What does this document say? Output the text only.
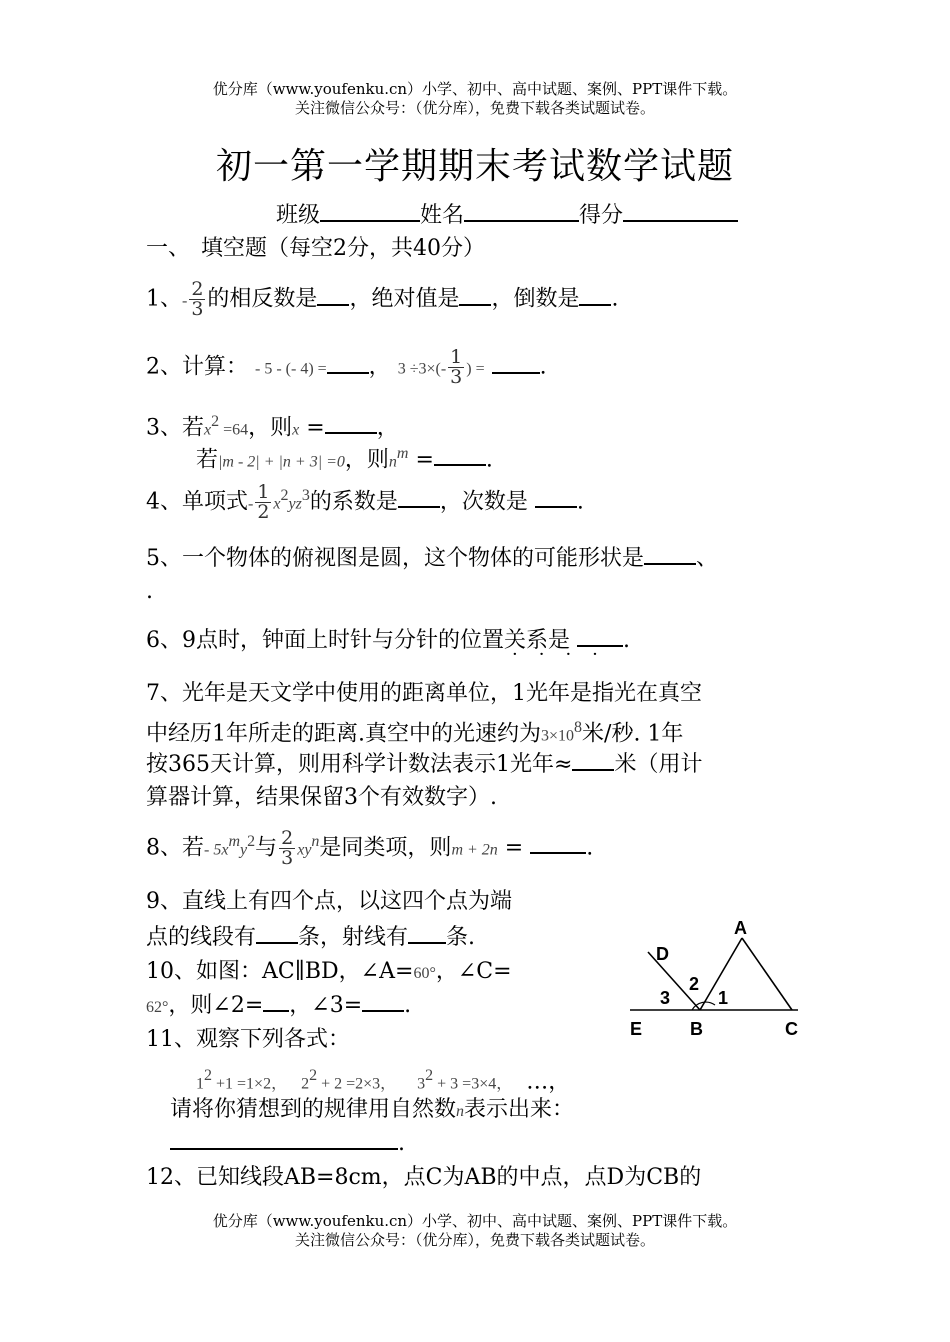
优分库（www.youfenku.cn）小学、初中、高中试题、案例、PPT课件下载。
关注微信公众号：（优分库），免费下载各类试题试卷。
初一第一学期期末考试数学试题
班级	姓名	得分
一、　填空题（每空2分，共40分）
1、- $\frac{2}{3}$ 的相反数是 ，绝对值是 ，倒数是 .
2、计算： - 5 - (- 4) = ， $3 \div 3\times(- \frac{1}{3}$ ) =	.
3、若$x^2 =64$，则x = ，
若|m - 2| + |n + 3| =0，则$n^m$ = .
4、单项式- $\frac{1}{2} x^2yz^3$的系数是 ，次数是 .
5、一个物体的俯视图是圆，这个物体的可能形状是 、
.
6、9点时，钟面上时针与分针的位置关系是 .
····
7、光年是天文学中使用的距离单位，1光年是指光在真空
中经历1年所走的距离.真空中的光速约为$3\times 10^8$米/秒. 1年
按365天计算，则用科学计数法表示1光年≈ 米（用计
算器计算，结果保留3个有效数字）.
8、若- $5x^my^2$与 $\frac{2}{3} xy^n$是同类项，则m + 2n =	.
9、直线上有四个点，以这四个点为端
点的线段有 条，射线有 条.
10、如图：AC∥BD，∠A=60°，∠C=
62°，则∠2= ，∠3= .
A
B	C
D
E
1
2
3
11、观察下列各式：
$1^2 +1 =1\times 2$， $2^2 + 2 =2\times 3$， $3^2 + 3 =3\times 4$， …，
请将你猜想到的规律用自然数n表示出来：
.
12、已知线段AB=8cm，点C为AB的中点，点D为CB的
优分库（www.youfenku.cn）小学、初中、高中试题、案例、PPT课件下载。
关注微信公众号：（优分库），免费下载各类试题试卷。
